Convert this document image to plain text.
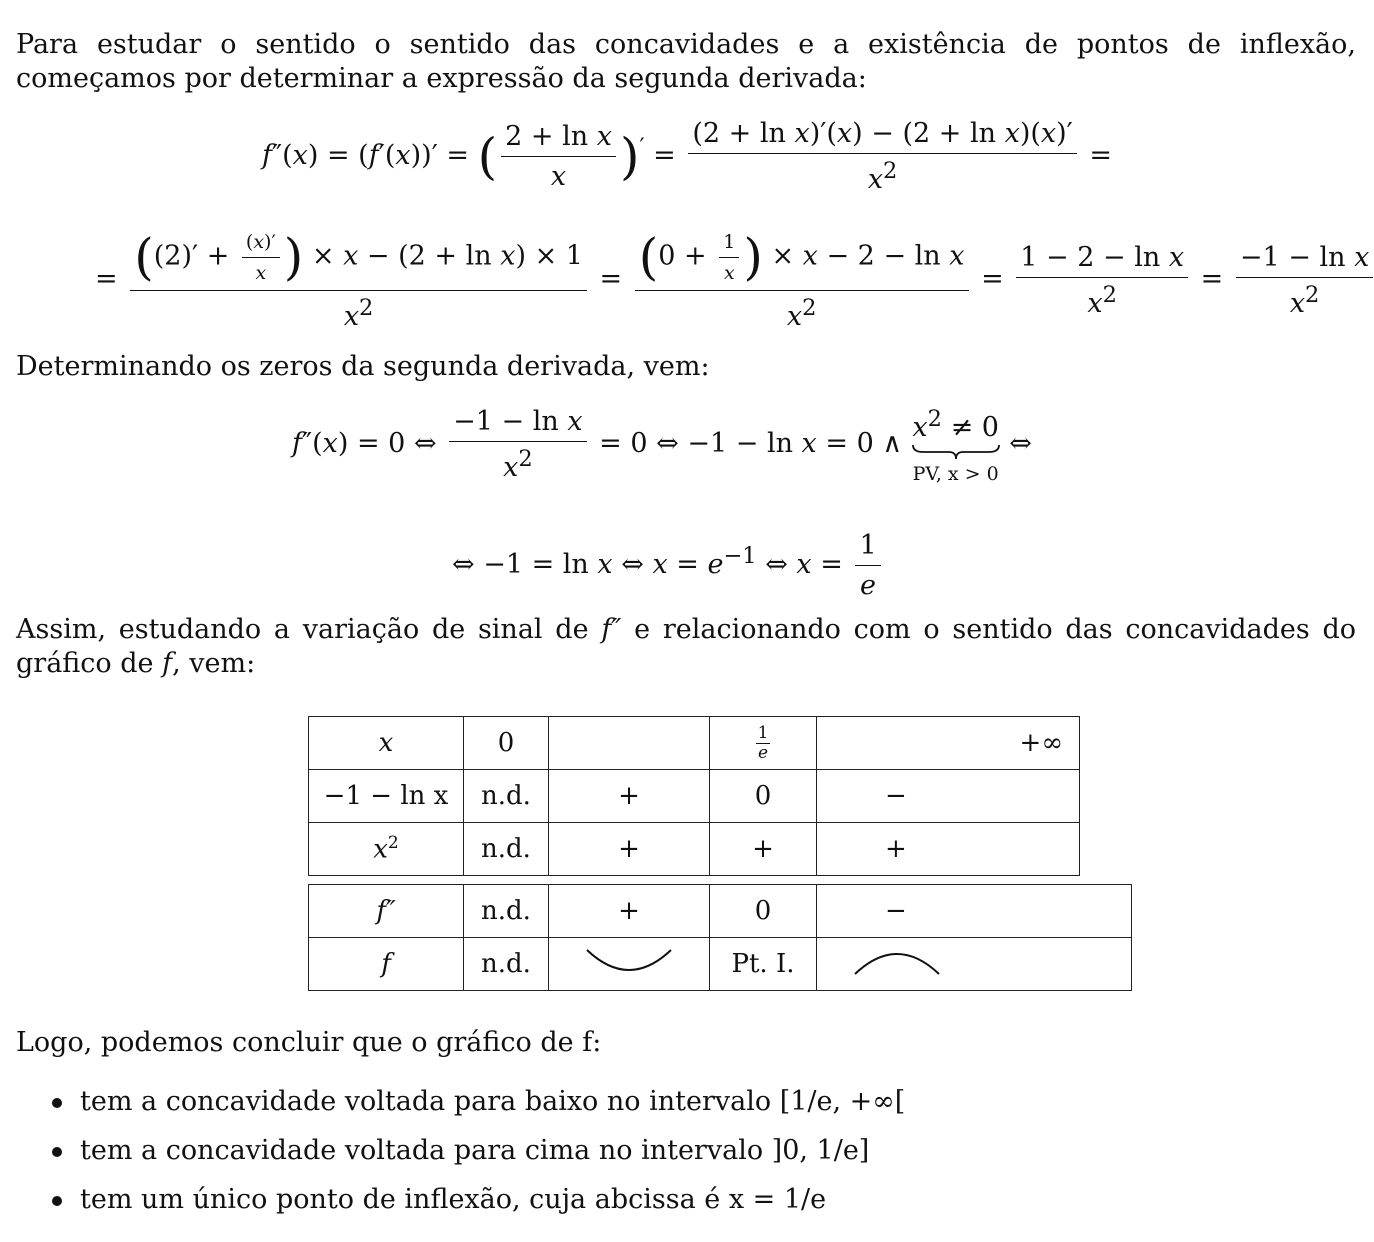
Para estudar o sentido o sentido das concavidades e a existência de pontos de inflexão, começamos por determinar a expressão da segunda derivada:
f″(x) = (f′(x))′ = ( $\frac{\text{2 + ln x}}{x} )' = \frac{\text{(2 + ln x)′(x) − (2 + ln x)(x)′}}{x^2}$ =
= $\frac{((2)' + \frac{(x)'}{x} ) \times x - (2 + \ln x) \times 1}{x^2} = \frac{(0 + \frac{1}{x} ) \times x - 2 - \ln x}{x^2} = \frac{\text{1 − 2 − ln x}}{x^2} = \frac{\text{−1 − ln x}}{x^2}$
Determinando os zeros da segunda derivada, vem:
f″(x) = 0 ⇔ $\frac{\text{−1 − ln x}}{x^2} = 0$ ⇔ −1 − ln x = 0 ∧ $x^2 \ne 0$
PV, x > 0
⇔
⇔ −1 = ln x ⇔ $x = e^{-1}$ ⇔ $x = \frac{1}{e}$
Assim, estudando a variação de sinal de f″ e relacionando com o sentido das concavidades do gráfico de f, vem:
x	0		$\frac{1}{e}$	+∞
−1 − ln x	n.d.	+	0	−
$x^2$	n.d.	+	+	+
f″	n.d.	+	0	−
f	n.d.		Pt. I.	
Logo, podemos concluir que o gráfico de f:
tem a concavidade voltada para baixo no intervalo [1/e, +∞[
tem a concavidade voltada para cima no intervalo ]0, 1/e]
tem um único ponto de inflexão, cuja abcissa é x = 1/e
